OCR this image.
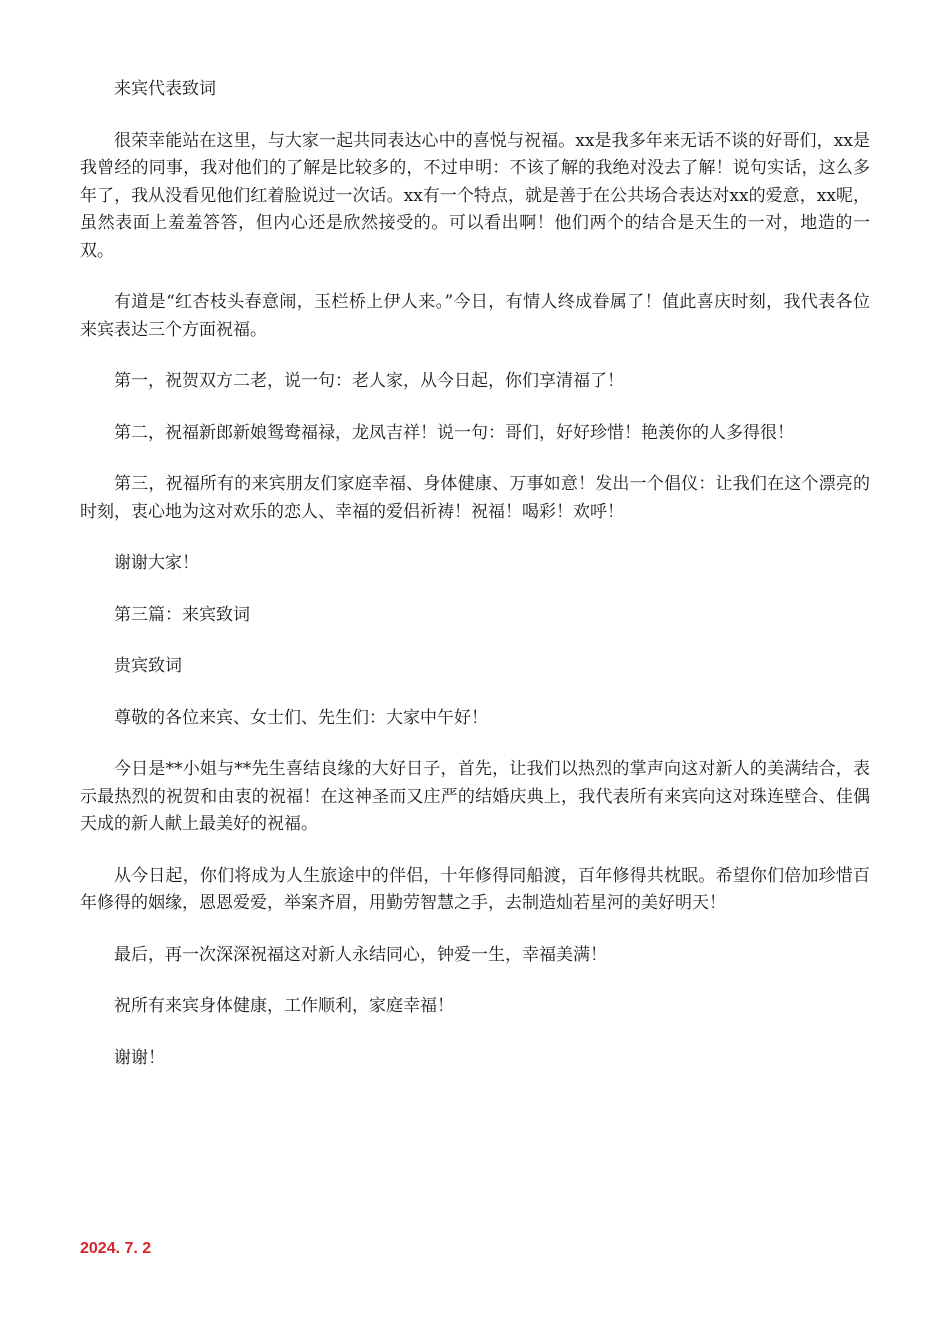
来宾代表致词

很荣幸能站在这里，与大家一起共同表达心中的喜悦与祝福。xx是我多年来无话不谈的好哥们，xx是我曾经的同事，我对他们的了解是比较多的，不过申明：不该了解的我绝对没去了解！说句实话，这么多年了，我从没看见他们红着脸说过一次话。xx有一个特点，就是善于在公共场合表达对xx的爱意，xx呢，虽然表面上羞羞答答，但内心还是欣然接受的。可以看出啊！他们两个的结合是天生的一对，地造的一双。

有道是“红杏枝头春意闹，玉栏桥上伊人来。”今日，有情人终成眷属了！值此喜庆时刻，我代表各位来宾表达三个方面祝福。

第一，祝贺双方二老，说一句：老人家，从今日起，你们享清福了！

第二，祝福新郎新娘鸳鸯福禄，龙凤吉祥！说一句：哥们，好好珍惜！艳羡你的人多得很！

第三，祝福所有的来宾朋友们家庭幸福、身体健康、万事如意！发出一个倡仪：让我们在这个漂亮的时刻，衷心地为这对欢乐的恋人、幸福的爱侣祈祷！祝福！喝彩！欢呼！

谢谢大家！

第三篇：来宾致词

贵宾致词

尊敬的各位来宾、女士们、先生们：大家中午好！

今日是**小姐与**先生喜结良缘的大好日子，首先，让我们以热烈的掌声向这对新人的美满结合，表示最热烈的祝贺和由衷的祝福！在这神圣而又庄严的结婚庆典上，我代表所有来宾向这对珠连壁合、佳偶天成的新人献上最美好的祝福。

从今日起，你们将成为人生旅途中的伴侣，十年修得同船渡，百年修得共枕眠。希望你们倍加珍惜百年修得的姻缘，恩恩爱爱，举案齐眉，用勤劳智慧之手，去制造灿若星河的美好明天！

最后，再一次深深祝福这对新人永结同心，钟爱一生，幸福美满！

祝所有来宾身体健康，工作顺利，家庭幸福！

谢谢！

2024. 7. 2
